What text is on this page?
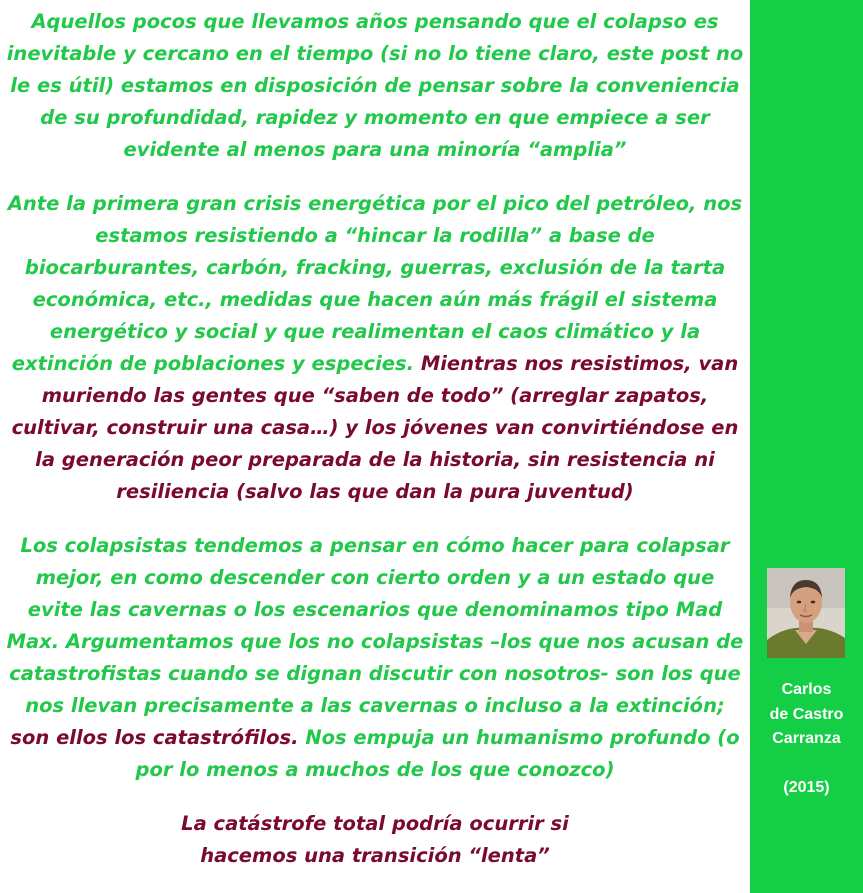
Aquellos pocos que llevamos años pensando que el colapso es inevitable y cercano en el tiempo (si no lo tiene claro, este post no le es útil) estamos en disposición de pensar sobre la conveniencia de su profundidad, rapidez y momento en que empiece a ser evidente al menos para una minoría “amplia”

Ante la primera gran crisis energética por el pico del petróleo, nos estamos resistiendo a “hincar la rodilla” a base de biocarburantes, carbón, fracking, guerras, exclusión de la tarta económica, etc., medidas que hacen aún más frágil el sistema energético y social y que realimentan el caos climático y la extinción de poblaciones y especies. Mientras nos resistimos, van muriendo las gentes que “saben de todo” (arreglar zapatos, cultivar, construir una casa…) y los jóvenes van convirtiéndose en la generación peor preparada de la historia, sin resistencia ni resiliencia (salvo las que dan la pura juventud)

Los colapsistas tendemos a pensar en cómo hacer para colapsar mejor, en como descender con cierto orden y a un estado que evite las cavernas o los escenarios que denominamos tipo Mad Max. Argumentamos que los no colapsistas –los que nos acusan de catastrofistas cuando se dignan discutir con nosotros- son los que nos llevan precisamente a las cavernas o incluso a la extinción; son ellos los catastrófilos. Nos empuja un humanismo profundo (o por lo menos a muchos de los que conozco)

La catástrofe total podría ocurrir si hacemos una transición “lenta”

Carlos
de Castro
Carranza
(2015)
